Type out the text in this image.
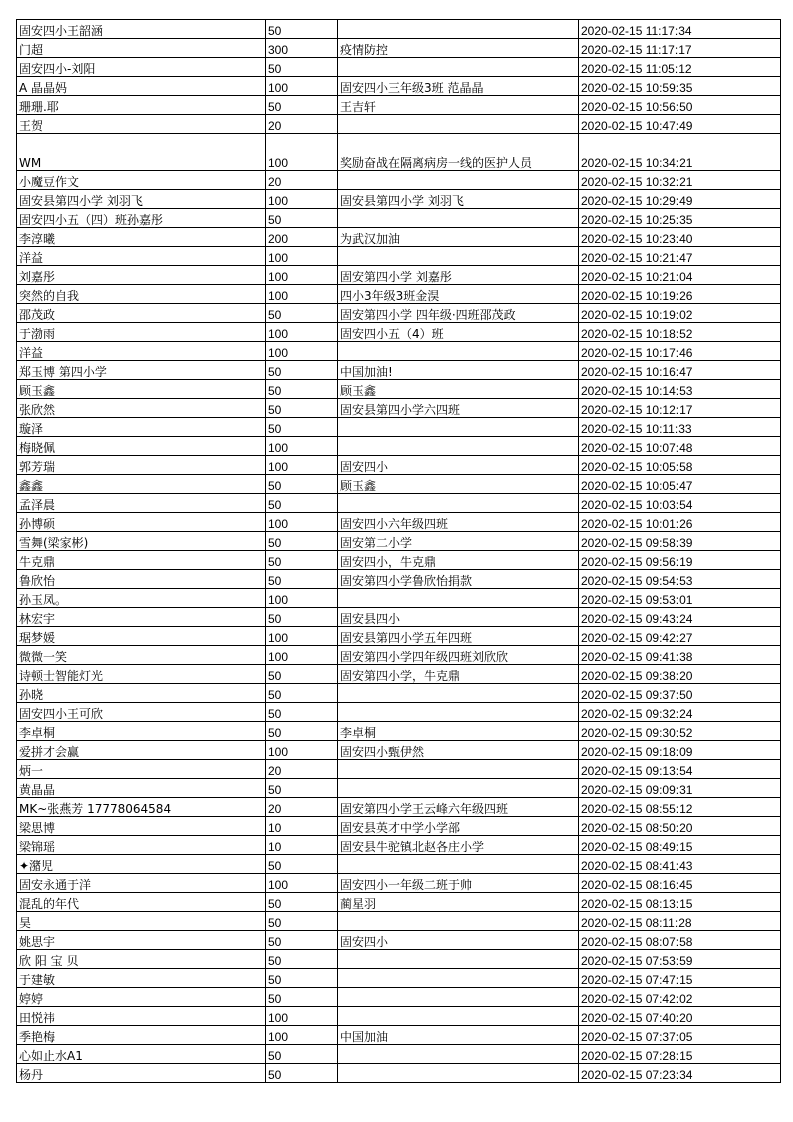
固安四小王韶涵	50		2020-02-15 11:17:34
门超	300	疫情防控	2020-02-15 11:17:17
固安四小-刘阳	50		2020-02-15 11:05:12
A 晶晶妈	100	固安四小三年级3班 范晶晶	2020-02-15 10:59:35
珊珊.耶	50	王吉轩	2020-02-15 10:56:50
王贺	20		2020-02-15 10:47:49
WM	100	奖励奋战在隔离病房一线的医护人员	2020-02-15 10:34:21
小魔豆作文	20		2020-02-15 10:32:21
固安县第四小学 刘羽飞	100	固安县第四小学 刘羽飞	2020-02-15 10:29:49
固安四小五（四）班孙嘉彤	50		2020-02-15 10:25:35
李淳曦	200	为武汉加油	2020-02-15 10:23:40
洋益	100		2020-02-15 10:21:47
刘嘉彤	100	固安第四小学 刘嘉彤	2020-02-15 10:21:04
突然的自我	100	四小3年级3班金淏	2020-02-15 10:19:26
邵茂政	50	固安第四小学 四年级·四班邵茂政	2020-02-15 10:19:02
于渤雨	100	固安四小五（4）班	2020-02-15 10:18:52
洋益	100		2020-02-15 10:17:46
郑玉博 第四小学	50	中国加油!	2020-02-15 10:16:47
顾玉鑫	50	顾玉鑫	2020-02-15 10:14:53
张欣然	50	固安县第四小学六四班	2020-02-15 10:12:17
璇泽	50		2020-02-15 10:11:33
梅晓佩	100		2020-02-15 10:07:48
郭芳瑞	100	固安四小	2020-02-15 10:05:58
鑫鑫	50	顾玉鑫	2020-02-15 10:05:47
孟泽晨	50		2020-02-15 10:03:54
孙博硕	100	固安四小六年级四班	2020-02-15 10:01:26
雪舞(梁家彬)	50	固安第二小学	2020-02-15 09:58:39
牛克鼎	50	固安四小，牛克鼎	2020-02-15 09:56:19
鲁欣怡	50	固安第四小学鲁欣怡捐款	2020-02-15 09:54:53
孙玉凤。	100		2020-02-15 09:53:01
林宏宇	50	固安县四小	2020-02-15 09:43:24
琚梦媛	100	固安县第四小学五年四班	2020-02-15 09:42:27
微微一笑	100	固安第四小学四年级四班刘欣欣	2020-02-15 09:41:38
诗顿士智能灯光	50	固安第四小学，牛克鼎	2020-02-15 09:38:20
孙晓	50		2020-02-15 09:37:50
固安四小王可欣	50		2020-02-15 09:32:24
李卓桐	50	李卓桐	2020-02-15 09:30:52
爱拼才会赢	100	固安四小甄伊然	2020-02-15 09:18:09
炳一	20		2020-02-15 09:13:54
黄晶晶	50		2020-02-15 09:09:31
MK~张燕芳 17778064584	20	固安第四小学王云峰六年级四班	2020-02-15 08:55:12
梁思博	10	固安县英才中学小学部	2020-02-15 08:50:20
梁锦瑶	10	固安县牛驼镇北赵各庄小学	2020-02-15 08:49:15
✦潴児	50		2020-02-15 08:41:43
固安永通于洋	100	固安四小一年级二班于帅	2020-02-15 08:16:45
混乱的年代	50	蔺星羽	2020-02-15 08:13:15
昊	50		2020-02-15 08:11:28
姚思宇	50	固安四小	2020-02-15 08:07:58
欣 阳 宝 贝	50		2020-02-15 07:53:59
于建敏	50		2020-02-15 07:47:15
婷婷	50		2020-02-15 07:42:02
田悦祎	100		2020-02-15 07:40:20
季艳梅	100	中国加油	2020-02-15 07:37:05
心如止水A1	50		2020-02-15 07:28:15
杨丹	50		2020-02-15 07:23:34
